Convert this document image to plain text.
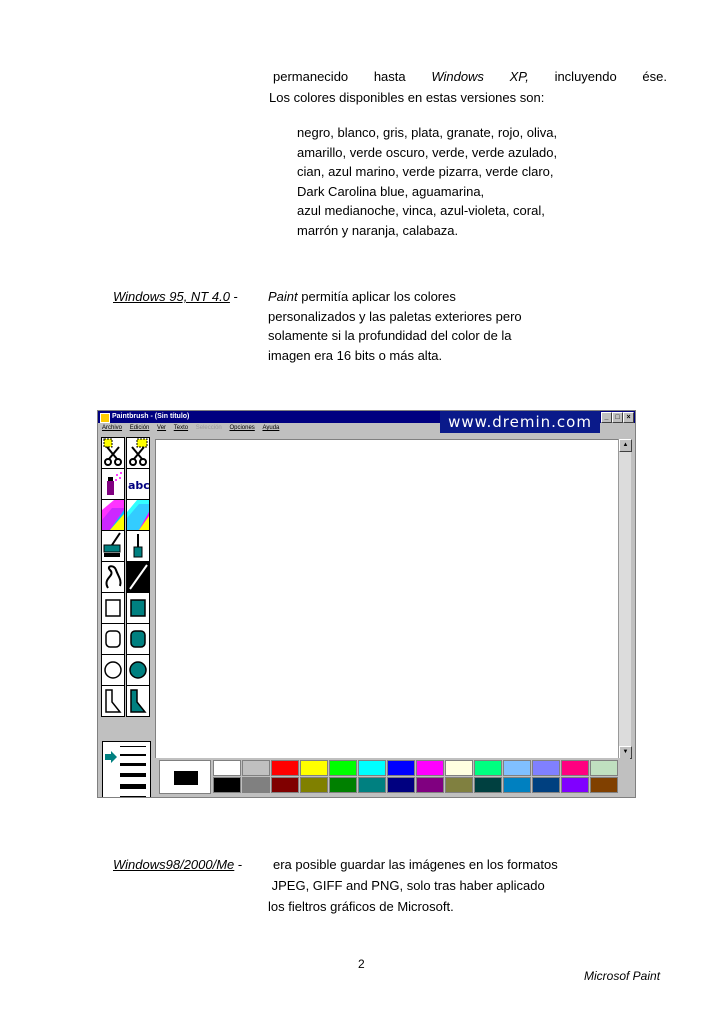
permanecido hasta Windows XP, incluyendo ése.
Los colores disponibles en estas versiones son:
negro, blanco, gris, plata, granate, rojo, oliva,
amarillo, verde oscuro, verde, verde azulado,
cian, azul marino, verde pizarra, verde claro,
Dark Carolina blue, aguamarina,
azul medianoche, vinca, azul-violeta, coral,
marrón y naranja, calabaza.
Windows 95, NT 4.0 - Paint permitía aplicar los colores
personalizados y las paletas exteriores pero
solamente si la profundidad del color de la
imagen era 16 bits o más alta.
Paintbrush - (Sin título)	_ □ ×
Archivo Edición Ver Texto Selección Opciones Ayuda	www.dremin.com
abc
▲
▼
Windows98/2000/Me - era posible guardar las imágenes en los formatos
JPEG, GIFF and PNG, solo tras haber aplicado
los fieltros gráficos de Microsoft.
2
Microsof Paint
